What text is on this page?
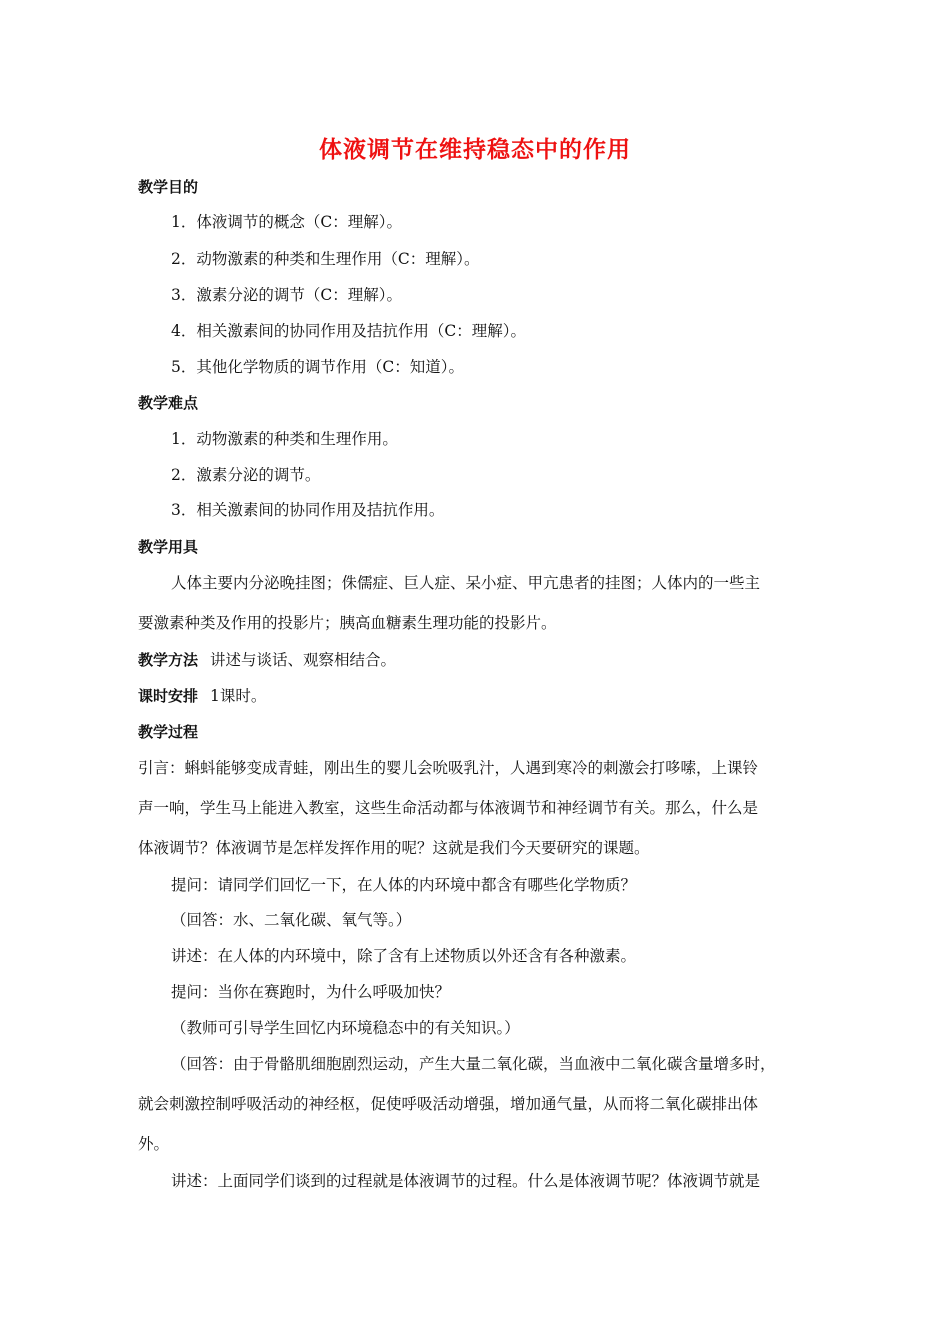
体液调节在维持稳态中的作用
教学目的
1．体液调节的概念（C：理解）。
2．动物激素的种类和生理作用（C：理解）。
3．激素分泌的调节（C：理解）。
4．相关激素间的协同作用及拮抗作用（C：理解）。
5．其他化学物质的调节作用（C：知道）。
教学难点
1．动物激素的种类和生理作用。
2．激素分泌的调节。
3．相关激素间的协同作用及拮抗作用。
教学用具
人体主要内分泌晚挂图；侏儒症、巨人症、呆小症、甲亢患者的挂图；人体内的一些主
要激素种类及作用的投影片；胰高血糖素生理功能的投影片。
教学方法 讲述与谈话、观察相结合。
课时安排 1课时。
教学过程
引言：蝌蚪能够变成青蛙，刚出生的婴儿会吮吸乳汁，人遇到寒冷的刺激会打哆嗦，上课铃
声一响，学生马上能进入教室，这些生命活动都与体液调节和神经调节有关。那么，什么是
体液调节？体液调节是怎样发挥作用的呢？这就是我们今天要研究的课题。
提问：请同学们回忆一下，在人体的内环境中都含有哪些化学物质？
（回答：水、二氧化碳、氧气等。）
讲述：在人体的内环境中，除了含有上述物质以外还含有各种激素。
提问：当你在赛跑时，为什么呼吸加快？
（教师可引导学生回忆内环境稳态中的有关知识。）
（回答：由于骨骼肌细胞剧烈运动，产生大量二氧化碳，当血液中二氧化碳含量增多时，
就会刺激控制呼吸活动的神经枢，促使呼吸活动增强，增加通气量，从而将二氧化碳排出体
外。
讲述：上面同学们谈到的过程就是体液调节的过程。什么是体液调节呢？体液调节就是
